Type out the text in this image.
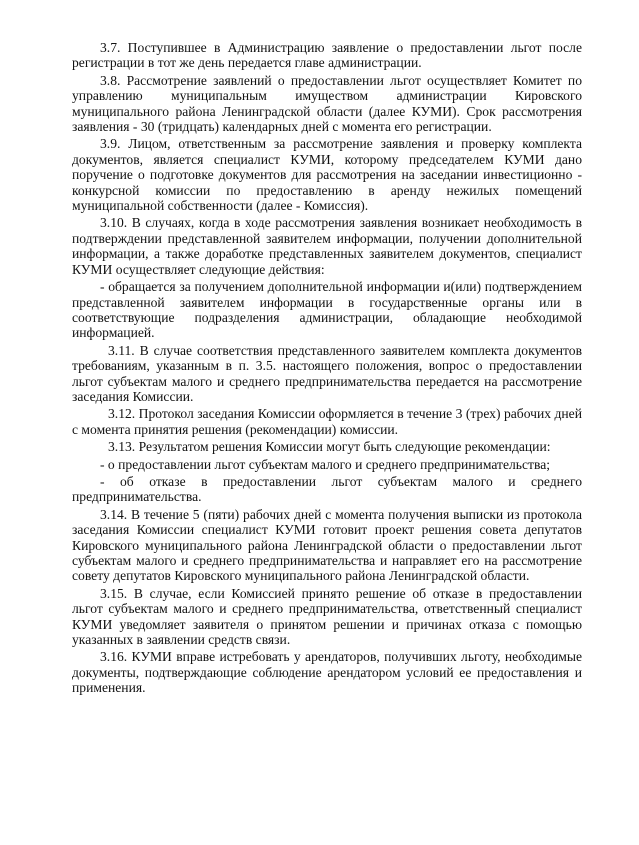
3.7. Поступившее в Администрацию заявление о предоставлении льгот после регистрации в тот же день передается главе администрации.

3.8. Рассмотрение заявлений о предоставлении льгот осуществляет Комитет по управлению муниципальным имуществом администрации Кировского муниципального района Ленинградской области (далее КУМИ). Срок рассмотрения заявления - 30 (тридцать) календарных дней с момента его регистрации.

3.9. Лицом, ответственным за рассмотрение заявления и проверку комплекта документов, является специалист КУМИ, которому председателем КУМИ дано поручение о подготовке документов для рассмотрения на заседании инвестиционно - конкурсной комиссии по предоставлению в аренду нежилых помещений муниципальной собственности (далее - Комиссия).

3.10. В случаях, когда в ходе рассмотрения заявления возникает необходимость в подтверждении представленной заявителем информации, получении дополнительной информации, а также доработке представленных заявителем документов, специалист КУМИ осуществляет следующие действия:

- обращается за получением дополнительной информации и(или) подтверждением представленной заявителем информации в государственные органы или в соответствующие подразделения администрации, обладающие необходимой информацией.

3.11. В случае соответствия представленного заявителем комплекта документов требованиям, указанным в п. 3.5. настоящего положения, вопрос о предоставлении льгот субъектам малого и среднего предпринимательства передается на рассмотрение заседания Комиссии.

3.12. Протокол заседания Комиссии оформляется в течение 3 (трех) рабочих дней с момента принятия решения (рекомендации) комиссии.

3.13. Результатом решения Комиссии могут быть следующие рекомендации:

- о предоставлении льгот субъектам малого и среднего предпринимательства;

- об отказе в предоставлении льгот субъектам малого и среднего предпринимательства.

3.14. В течение 5 (пяти) рабочих дней с момента получения выписки из протокола заседания Комиссии специалист КУМИ готовит проект решения совета депутатов Кировского муниципального района Ленинградской области о предоставлении льгот субъектам малого и среднего предпринимательства и направляет его на рассмотрение совету депутатов Кировского муниципального района Ленинградской области.

3.15. В случае, если Комиссией принято решение об отказе в предоставлении льгот субъектам малого и среднего предпринимательства, ответственный специалист КУМИ уведомляет заявителя о принятом решении и причинах отказа с помощью указанных в заявлении средств связи.

3.16. КУМИ вправе истребовать у арендаторов, получивших льготу, необходимые документы, подтверждающие соблюдение арендатором условий ее предоставления и применения.
